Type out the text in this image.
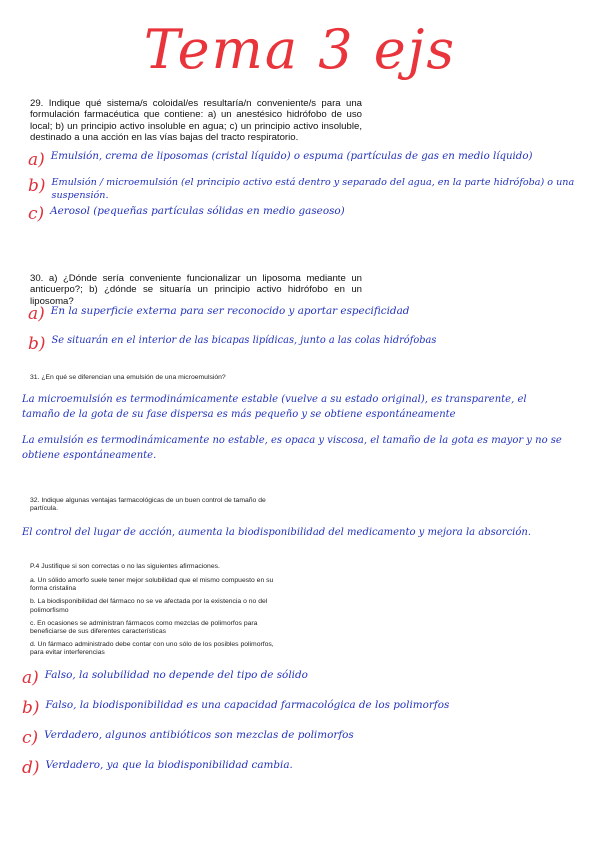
Tema 3 ejs
29. Indique qué sistema/s coloidal/es resultaría/n conveniente/s para una formulación farmacéutica que contiene: a) un anestésico hidrófobo de uso local; b) un principio activo insoluble en agua; c) un principio activo insoluble, destinado a una acción en las vías bajas del tracto respiratorio.
a) Emulsión, crema de liposomas (cristal líquido) o espuma (partículas de gas en medio líquido)
b) Emulsión / microemulsión (el principio activo está dentro y separado del agua, en la parte hidrófoba) o una suspensión.
c) Aerosol (pequeñas partículas sólidas en medio gaseoso)
30. a) ¿Dónde sería conveniente funcionalizar un liposoma mediante un anticuerpo?; b) ¿dónde se situaría un principio activo hidrófobo en un liposoma?
a) En la superficie externa para ser reconocido y aportar especificidad
b) Se situarán en el interior de las bicapas lipídicas, junto a las colas hidrófobas
31. ¿En qué se diferencian una emulsión de una microemulsión?
La microemulsión es termodinámicamente estable (vuelve a su estado original), es transparente, el tamaño de la gota de su fase dispersa es más pequeño y se obtiene espontáneamente
La emulsión es termodinámicamente no estable, es opaca y viscosa, el tamaño de la gota es mayor y no se obtiene espontáneamente.
32. Indique algunas ventajas farmacológicas de un buen control de tamaño de partícula.
El control del lugar de acción, aumenta la biodisponibilidad del medicamento y mejora la absorción.
P.4 Justifique si son correctas o no las siguientes afirmaciones.
a. Un sólido amorfo suele tener mejor solubilidad que el mismo compuesto en su forma cristalina
b. La biodisponibilidad del fármaco no se ve afectada por la existencia o no del polimorfismo
c. En ocasiones se administran fármacos como mezclas de polimorfos para beneficiarse de sus diferentes características
d. Un fármaco administrado debe contar con uno sólo de los posibles polimorfos, para evitar interferencias
a) Falso, la solubilidad no depende del tipo de sólido
b) Falso, la biodisponibilidad es una capacidad farmacológica de los polimorfos
c) Verdadero, algunos antibióticos son mezclas de polimorfos
d) Verdadero, ya que la biodisponibilidad cambia.
